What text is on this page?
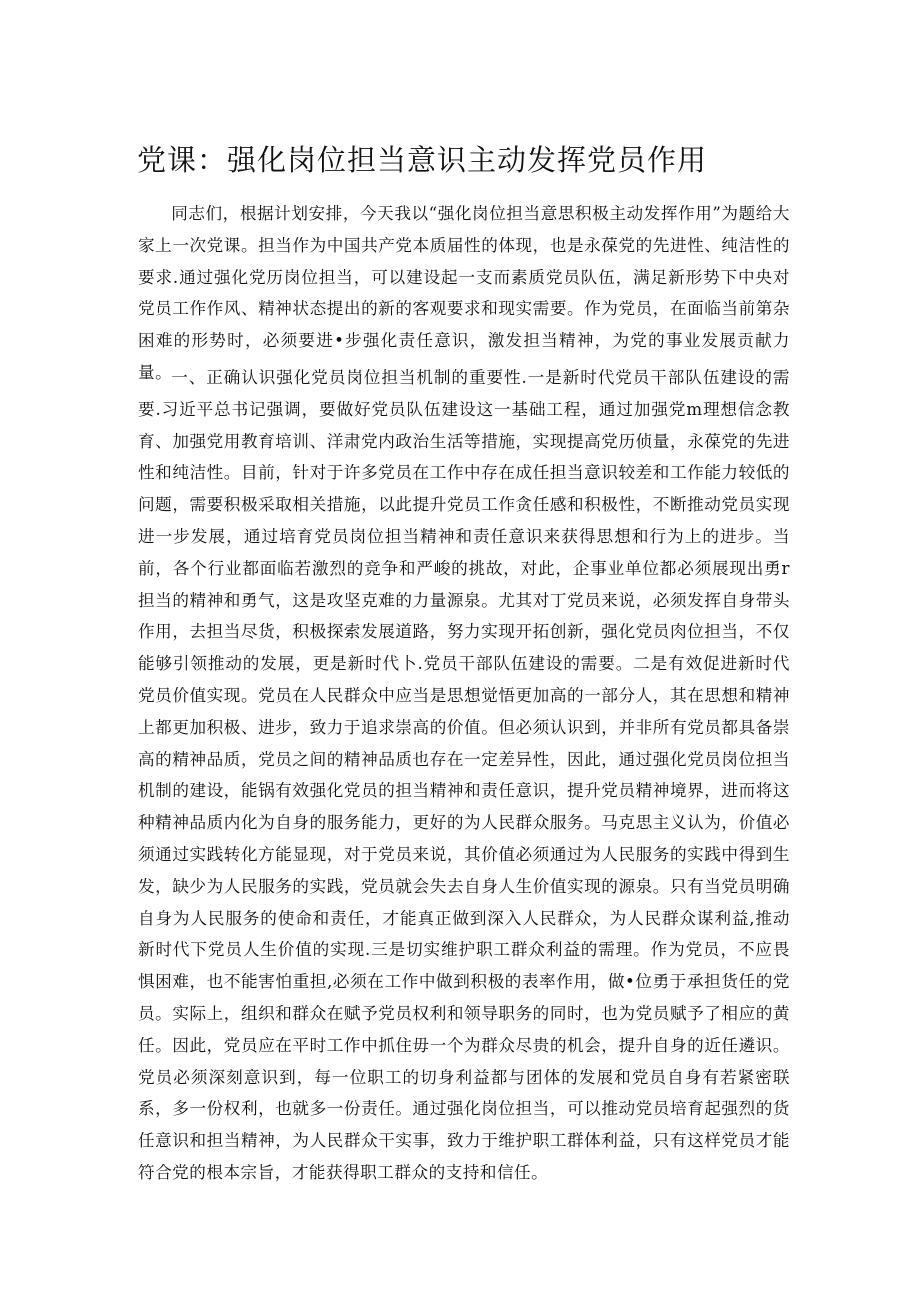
党课：强化岗位担当意识主动发挥党员作用

同志们，根据计划安排，今天我以“强化岗位担当意思积极主动发挥作用”为题给大家上一次党课。担当作为中国共产党本质届性的体现，也是永葆党的先进性、纯洁性的要求.通过强化党历岗位担当，可以建设起一支而素质党员队伍，满足新形势下中央对党员工作作风、精神状态提出的新的客观要求和现实需要。作为党员，在面临当前第杂困难的形势时，必须要进•步强化责任意识，激发担当精神，为党的事业发展贡献力量。 一、正确认识强化党员岗位担当机制的重要性.一是新时代党员干部队伍建设的需要.习近平总书记强调，要做好党员队伍建设这一基础工程，通过加强党m理想信念教育、加强党用教育培训、洋肃党内政治生活等措施，实现提高党历侦量，永葆党的先进性和纯洁性。目前，针对于许多党员在工作中存在成任担当意识较差和工作能力较低的问题，需要积极采取相关措施，以此提升党员工作贪任感和积极性，不断推动党员实现进一步发展，通过培育党员岗位担当精神和责任意识来获得思想和行为上的进步。当前，各个行业都面临若激烈的竞争和严峻的挑故，对此，企事业单位都必须展现出勇r担当的精神和勇气，这是攻坚克难的力量源泉。尤其对丁党员来说，必须发挥自身带头作用，去担当尽货，积极探索发展道路，努力实现开拓创新，强化党员肉位担当，不仅能够引领推动的发展，更是新时代卜.党员干部队伍建设的需要。二是有效促进新时代党员价值实现。党员在人民群众中应当是思想觉悟更加高的一部分人，其在思想和精神上都更加积极、进步，致力于追求崇高的价值。但必须认识到，并非所有党员都具备崇高的精神品质，党员之间的精神品质也存在一定差异性，因此，通过强化党员岗位担当机制的建设，能锅有效强化党员的担当精神和责任意识，提升党员精神境界，进而将这种精神品质内化为自身的服务能力，更好的为人民群众服务。马克思主义认为，价值必须通过实践转化方能显现，对于党员来说，其价值必须通过为人民服务的实践中得到生发，缺少为人民服务的实践，党员就会失去自身人生价值实现的源泉。只有当党员明确自身为人民服务的使命和责任，才能真正做到深入人民群众，为人民群众谋利益,推动新时代下党员人生价值的实现.三是切实维护职工群众利益的需理。作为党员，不应畏惧困难，也不能害怕重担,必须在工作中做到积极的表率作用，做•位勇于承担货任的党员。实际上，组织和群众在赋予党员权利和领导职务的同时，也为党员赋予了相应的黄任。因此，党员应在平时工作中抓住毋一个为群众尽贵的机会，提升自身的近任遴识。党员必须深刻意识到，每一位职工的切身利益都与团体的发展和党员自身有若紧密联系，多一份权利，也就多一份责任。通过强化岗位担当，可以推动党员培育起强烈的货任意识和担当精神，为人民群众干实事，致力于维护职工群体利益，只有这样党员才能符合党的根本宗旨，才能获得职工群众的支持和信任。
